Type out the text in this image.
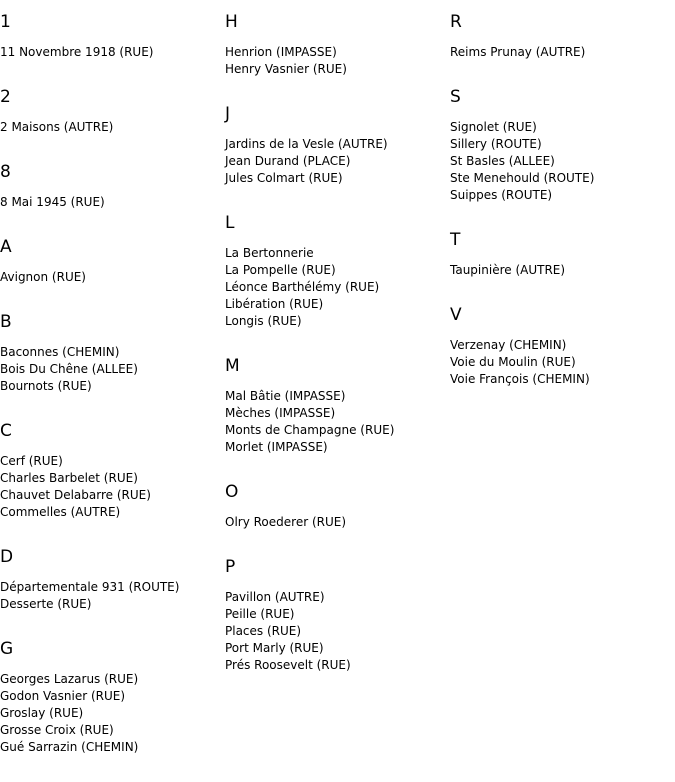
1
11 Novembre 1918 (RUE)
2
2 Maisons (AUTRE)
8
8 Mai 1945 (RUE)
A
Avignon (RUE)
B
Baconnes (CHEMIN)
Bois Du Chêne (ALLEE)
Bournots (RUE)
C
Cerf (RUE)
Charles Barbelet (RUE)
Chauvet Delabarre (RUE)
Commelles (AUTRE)
D
Départementale 931 (ROUTE)
Desserte (RUE)
G
Georges Lazarus (RUE)
Godon Vasnier (RUE)
Groslay (RUE)
Grosse Croix (RUE)
Gué Sarrazin (CHEMIN)
H
Henrion (IMPASSE)
Henry Vasnier (RUE)
J
Jardins de la Vesle (AUTRE)
Jean Durand (PLACE)
Jules Colmart (RUE)
L
La Bertonnerie
La Pompelle (RUE)
Léonce Barthélémy (RUE)
Libération (RUE)
Longis (RUE)
M
Mal Bâtie (IMPASSE)
Mèches (IMPASSE)
Monts de Champagne (RUE)
Morlet (IMPASSE)
O
Olry Roederer (RUE)
P
Pavillon (AUTRE)
Peille (RUE)
Places (RUE)
Port Marly (RUE)
Prés Roosevelt (RUE)
R
Reims Prunay (AUTRE)
S
Signolet (RUE)
Sillery (ROUTE)
St Basles (ALLEE)
Ste Menehould (ROUTE)
Suippes (ROUTE)
T
Taupinière (AUTRE)
V
Verzenay (CHEMIN)
Voie du Moulin (RUE)
Voie François (CHEMIN)
